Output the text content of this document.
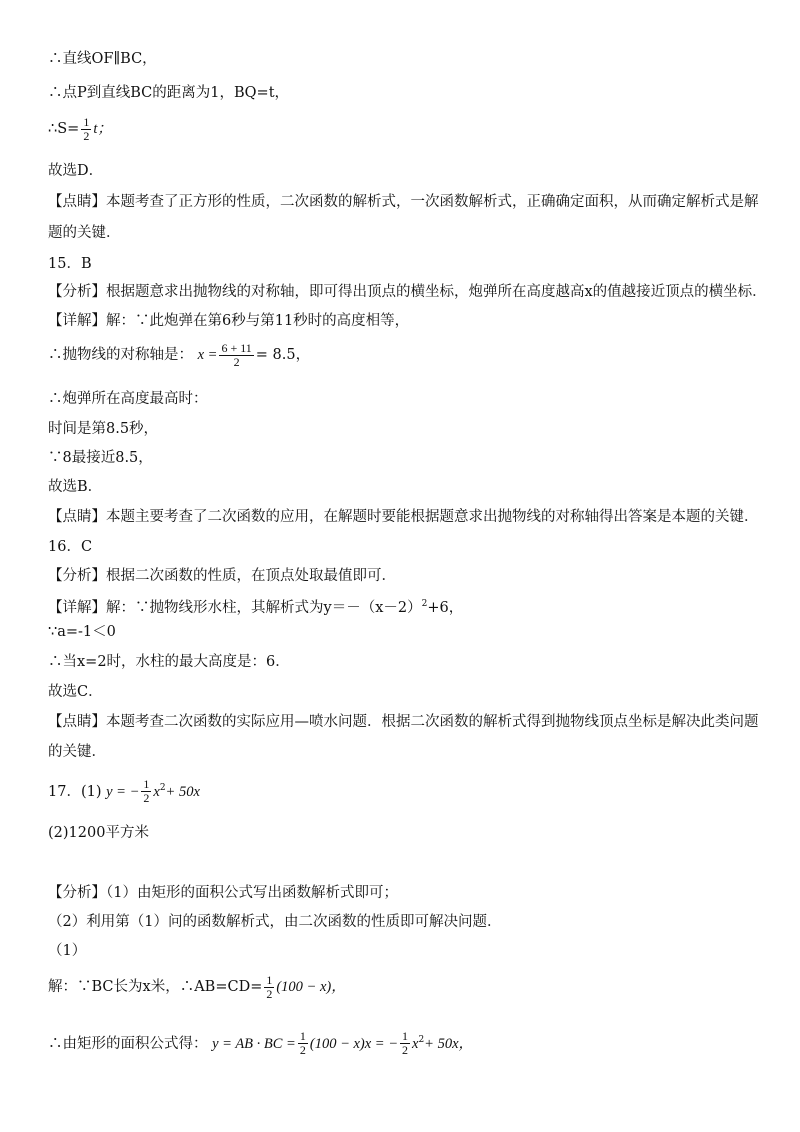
∴直线OF∥BC，
∴点P到直线BC的距离为1，BQ=t，
∴S= $\frac{1}{2}$ t；
故选D．
【点睛】本题考查了正方形的性质，二次函数的解析式，一次函数解析式，正确确定面积，从而确定解析式是解
题的关键．
15．B
【分析】根据题意求出抛物线的对称轴，即可得出顶点的横坐标，炮弹所在高度越高x的值越接近顶点的横坐标．
【详解】解：∵此炮弹在第6秒与第11秒时的高度相等，
∴抛物线的对称轴是： $x = \frac{6 + 11}{2} = 8.5$，
∴炮弹所在高度最高时：
时间是第8.5秒，
∵8最接近8.5，
故选B．
【点睛】本题主要考查了二次函数的应用，在解题时要能根据题意求出抛物线的对称轴得出答案是本题的关键．
16．C
【分析】根据二次函数的性质，在顶点处取最值即可．
【详解】解：∵抛物线形水柱，其解析式为$y=-(x-2)^2+6$，
∵a=-1＜0
∴当x=2时，水柱的最大高度是：6．
故选C．
【点睛】本题考查二次函数的实际应用—喷水问题．根据二次函数的解析式得到抛物线顶点坐标是解决此类问题
的关键．
17．(1) y = − $\frac{1}{2} x^2+ 50x$
(2)1200平方米
【分析】（1）由矩形的面积公式写出函数解析式即可；
（2）利用第（1）问的函数解析式，由二次函数的性质即可解决问题．
（1）
解：∵BC长为x米，∴AB=CD= $\frac{1}{2} (100 - x)$，
∴由矩形的面积公式得： y = AB · BC = $\frac{1}{2} (100 - x)x$ = − $\frac{1}{2} x^2+ 50x$，
